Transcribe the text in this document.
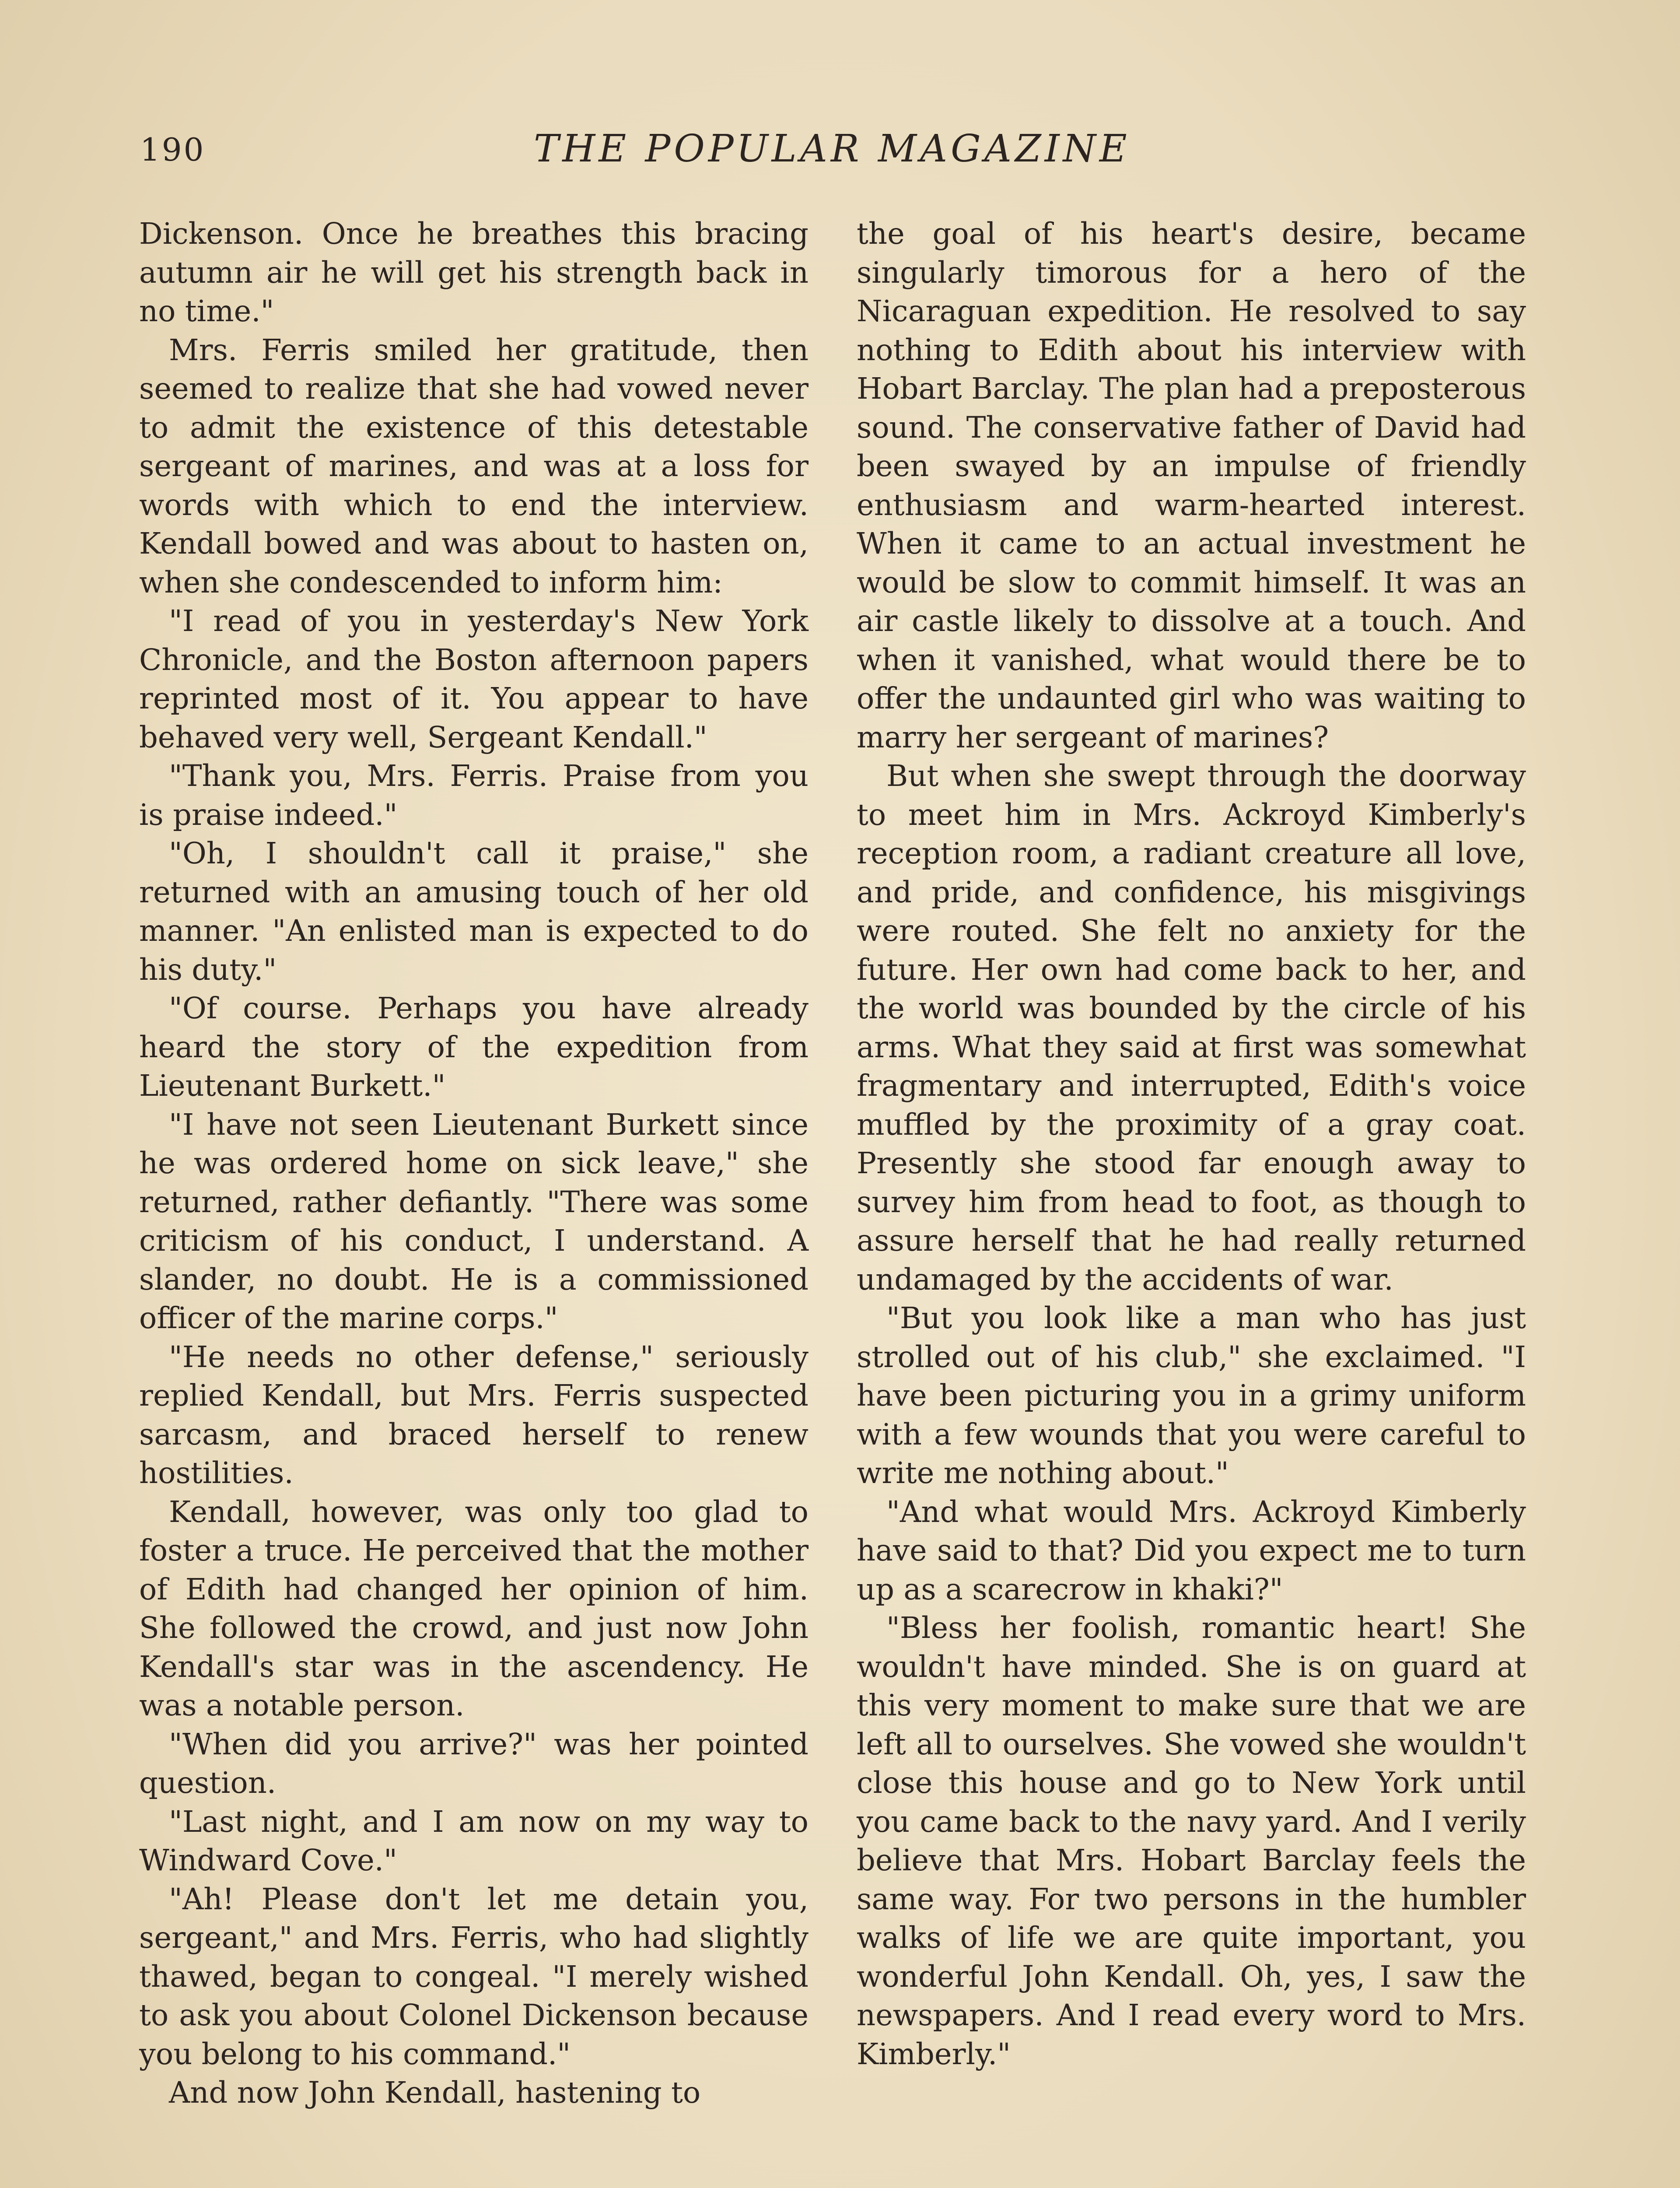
190	THE POPULAR MAGAZINE

Dickenson. Once he breathes this bracing autumn air he will get his strength back in no time."

Mrs. Ferris smiled her gratitude, then seemed to realize that she had vowed never to admit the existence of this detestable sergeant of marines, and was at a loss for words with which to end the interview. Kendall bowed and was about to hasten on, when she condescended to inform him:

"I read of you in yesterday's New York Chronicle, and the Boston afternoon papers reprinted most of it. You appear to have behaved very well, Sergeant Kendall."

"Thank you, Mrs. Ferris. Praise from you is praise indeed."

"Oh, I shouldn't call it praise," she returned with an amusing touch of her old manner. "An enlisted man is expected to do his duty."

"Of course. Perhaps you have already heard the story of the expedition from Lieutenant Burkett."

"I have not seen Lieutenant Burkett since he was ordered home on sick leave," she returned, rather defiantly. "There was some criticism of his conduct, I understand. A slander, no doubt. He is a commissioned officer of the marine corps."

"He needs no other defense," seriously replied Kendall, but Mrs. Ferris suspected sarcasm, and braced herself to renew hostilities.

Kendall, however, was only too glad to foster a truce. He perceived that the mother of Edith had changed her opinion of him. She followed the crowd, and just now John Kendall's star was in the ascendency. He was a notable person.

"When did you arrive?" was her pointed question.

"Last night, and I am now on my way to Windward Cove."

"Ah! Please don't let me detain you, sergeant," and Mrs. Ferris, who had slightly thawed, began to congeal. "I merely wished to ask you about Colonel Dickenson because you belong to his command."

And now John Kendall, hastening to

the goal of his heart's desire, became singularly timorous for a hero of the Nicaraguan expedition. He resolved to say nothing to Edith about his interview with Hobart Barclay. The plan had a preposterous sound. The conservative father of David had been swayed by an impulse of friendly enthusiasm and warm-hearted interest. When it came to an actual investment he would be slow to commit himself. It was an air castle likely to dissolve at a touch. And when it vanished, what would there be to offer the undaunted girl who was waiting to marry her sergeant of marines?

But when she swept through the doorway to meet him in Mrs. Ackroyd Kimberly's reception room, a radiant creature all love, and pride, and confidence, his misgivings were routed. She felt no anxiety for the future. Her own had come back to her, and the world was bounded by the circle of his arms. What they said at first was somewhat fragmentary and interrupted, Edith's voice muffled by the proximity of a gray coat. Presently she stood far enough away to survey him from head to foot, as though to assure herself that he had really returned undamaged by the accidents of war.

"But you look like a man who has just strolled out of his club," she exclaimed. "I have been picturing you in a grimy uniform with a few wounds that you were careful to write me nothing about."

"And what would Mrs. Ackroyd Kimberly have said to that? Did you expect me to turn up as a scarecrow in khaki?"

"Bless her foolish, romantic heart! She wouldn't have minded. She is on guard at this very moment to make sure that we are left all to ourselves. She vowed she wouldn't close this house and go to New York until you came back to the navy yard. And I verily believe that Mrs. Hobart Barclay feels the same way. For two persons in the humbler walks of life we are quite important, you wonderful John Kendall. Oh, yes, I saw the newspapers. And I read every word to Mrs. Kimberly."
